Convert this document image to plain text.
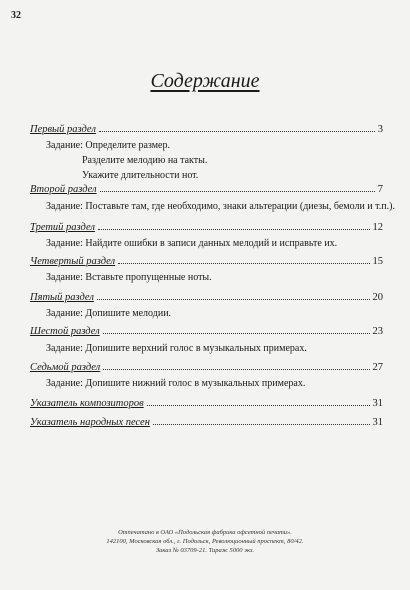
32
Содержание
Первый раздел	3
Задание: Определите размер.
Разделите мелодию на такты.
Укажите длительности нот.
Второй раздел	7
Задание: Поставьте там, где необходимо, знаки альтерации (диезы, бемоли и т.п.).
Третий раздел	12
Задание: Найдите ошибки в записи данных мелодий и исправьте их.
Четвертый раздел	15
Задание: Вставьте пропущенные ноты.
Пятый раздел	20
Задание: Допишите мелодии.
Шестой раздел	23
Задание: Допишите верхний голос в музыкальных примерах.
Седьмой раздел	27
Задание: Допишите нижний голос в музыкальных примерах.
Указатель композиторов	31
Указатель народных песен	31
Отпечатано в ОАО «Подольская фабрика офсетной печати».
142100, Московская обл., г. Подольск, Революционный проспект, 80/42.
Заказ № 03709-21. Тираж 5000 экз.
